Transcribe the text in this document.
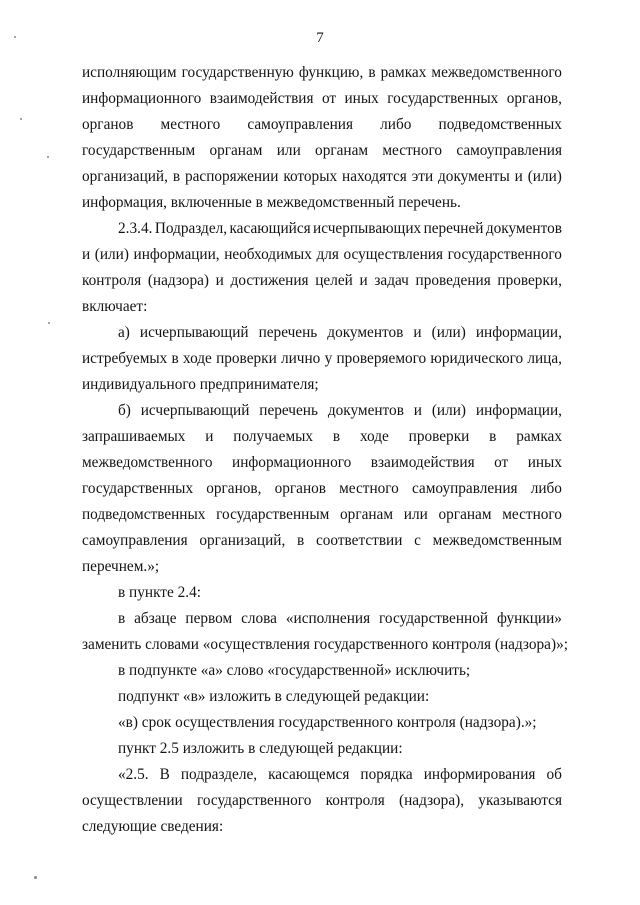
7
исполняющим государственную функцию, в рамках межведомственного
информационного взаимодействия от иных государственных органов,
органов местного самоуправления либо подведомственных
государственным органам или органам местного самоуправления
организаций, в распоряжении которых находятся эти документы и (или)
информация, включенные в межведомственный перечень.
2.3.4. Подраздел, касающийся исчерпывающих перечней документов
и (или) информации, необходимых для осуществления государственного
контроля (надзора) и достижения целей и задач проведения проверки,
включает:
а) исчерпывающий перечень документов и (или) информации,
истребуемых в ходе проверки лично у проверяемого юридического лица,
индивидуального предпринимателя;
б) исчерпывающий перечень документов и (или) информации,
запрашиваемых и получаемых в ходе проверки в рамках
межведомственного информационного взаимодействия от иных
государственных органов, органов местного самоуправления либо
подведомственных государственным органам или органам местного
самоуправления организаций, в соответствии с межведомственным
перечнем.»;
в пункте 2.4:
в абзаце первом слова «исполнения государственной функции»
заменить словами «осуществления государственного контроля (надзора)»;
в подпункте «а» слово «государственной» исключить;
подпункт «в» изложить в следующей редакции:
«в) срок осуществления государственного контроля (надзора).»;
пункт 2.5 изложить в следующей редакции:
«2.5. В подразделе, касающемся порядка информирования об
осуществлении государственного контроля (надзора), указываются
следующие сведения:
